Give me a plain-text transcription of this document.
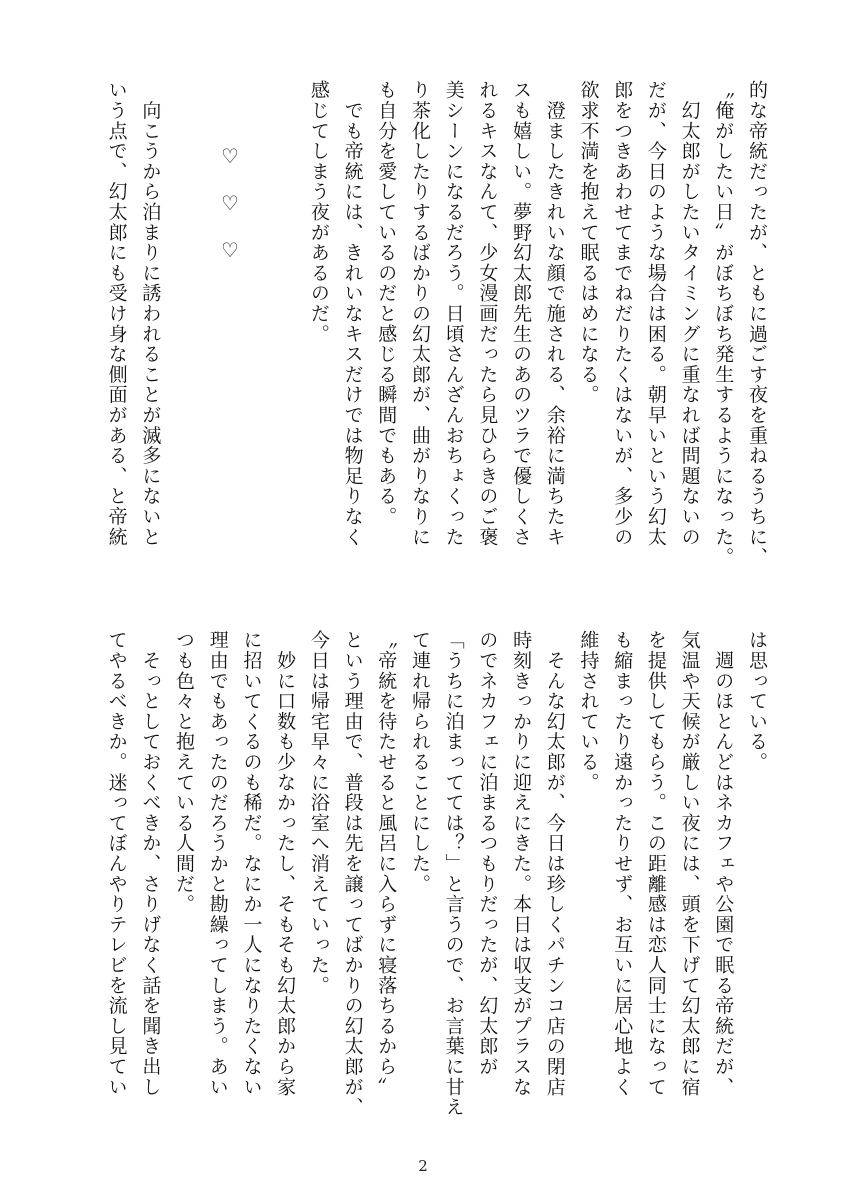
的な帝統だったが、ともに過ごす夜を重ねるうちに、
〝俺がしたい日〟がぼちぼち発生するようになった。
　幻太郎がしたいタイミングに重なれば問題ないの
だが、今日のような場合は困る。朝早いという幻太
郎をつきあわせてまでねだりたくはないが、多少の
欲求不満を抱えて眠るはめになる。
　澄ましたきれいな顔で施される、余裕に満ちたキ
スも嬉しい。夢野幻太郎先生のあのツラで優しくさ
れるキスなんて、少女漫画だったら見ひらきのご褒
美シーンになるだろう。日頃さんざんおちょくった
り茶化したりするばかりの幻太郎が、曲がりなりに
も自分を愛しているのだと感じる瞬間でもある。
　でも帝統には、きれいなキスだけでは物足りなく
感じてしまう夜があるのだ。

　向こうから泊まりに誘われることが滅多にないと
いう点で、幻太郎にも受け身な側面がある、と帝統	♡
♡
♡
は思っている。
　週のほとんどはネカフェや公園で眠る帝統だが、
気温や天候が厳しい夜には、頭を下げて幻太郎に宿
を提供してもらう。この距離感は恋人同士になって
も縮まったり遠かったりせず、お互いに居心地よく
維持されている。
　そんな幻太郎が、今日は珍しくパチンコ店の閉店
時刻きっかりに迎えにきた。本日は収支がプラスな
のでネカフェに泊まるつもりだったが、幻太郎が
「うちに泊まってては？」と言うので、お言葉に甘え
て連れ帰られることにした。
〝帝統を待たせると風呂に入らずに寝落ちるから〟
という理由で、普段は先を譲ってばかりの幻太郎が、
今日は帰宅早々に浴室へ消えていった。
　妙に口数も少なかったし、そもそも幻太郎から家
に招いてくるのも稀だ。なにか一人になりたくない
理由でもあったのだろうかと勘繰ってしまう。あい
つも色々と抱えている人間だ。
　そっとしておくべきか、さりげなく話を聞き出し
てやるべきか。迷ってぼんやりテレビを流し見てい
2
